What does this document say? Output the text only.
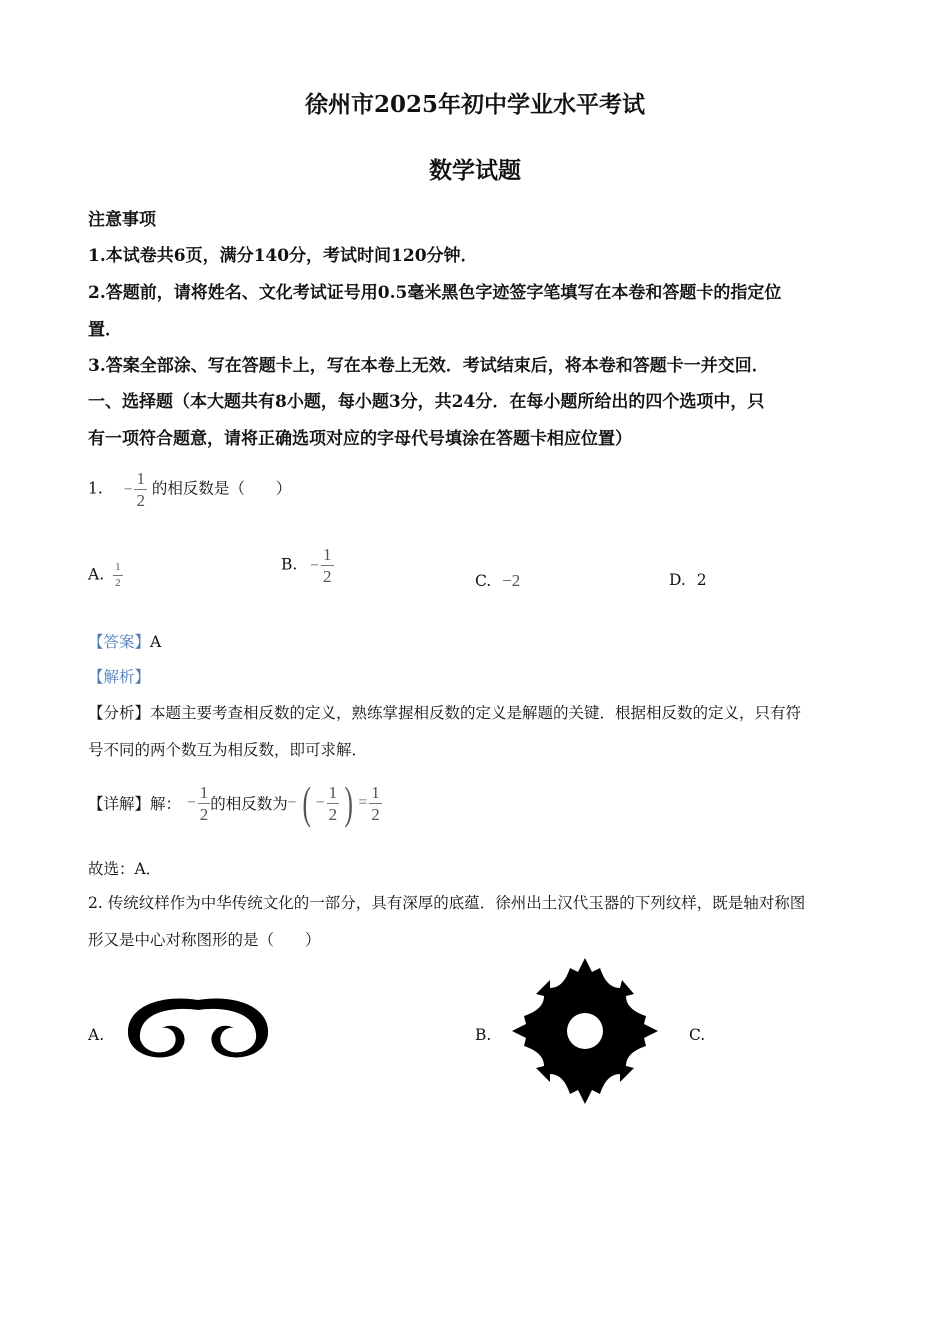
徐州市2025年初中学业水平考试
数学试题
注意事项
1.本试卷共6页，满分140分，考试时间120分钟．
2.答题前，请将姓名、文化考试证号用0.5毫米黑色字迹签字笔填写在本卷和答题卡的指定位
置．
3.答案全部涂、写在答题卡上，写在本卷上无效．考试结束后，将本卷和答题卡一并交回．
一、选择题（本大题共有8小题，每小题3分，共24分．在每小题所给出的四个选项中，只
有一项符合题意，请将正确选项对应的字母代号填涂在答题卡相应位置）
1. − $\frac{1}{2}$ 的相反数是（　　）
A. $\frac{1}{2}$	B. − $\frac{1}{2}$	C. −2	D. 2
【答案】A
【解析】
【分析】本题主要考查相反数的定义，熟练掌握相反数的定义是解题的关键．根据相反数的定义，只有符
号不同的两个数互为相反数，即可求解．
【详解】 解： − $\frac{1}{2}$ 的相反数为 − ( − $\frac{1}{2}$ ) = $\frac{1}{2}$
故选：A．
2. 传统纹样作为中华传统文化的一部分，具有深厚的底蕴．徐州出土汉代玉器的下列纹样，既是轴对称图
形又是中心对称图形的是（　　）
A.	B.	C.
